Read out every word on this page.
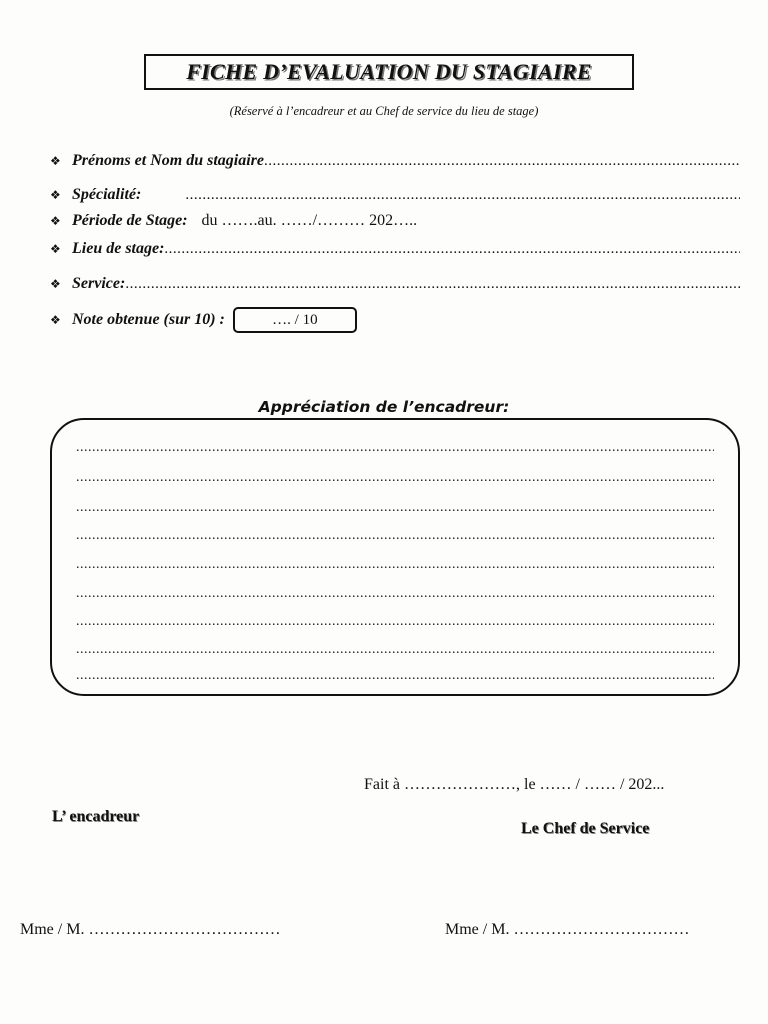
FICHE D’EVALUATION DU STAGIAIRE
(Réservé à l’encadreur et au Chef de service du lieu de stage)
❖ Prénoms et Nom du stagiaire
.....
❖ Spécialité:
.....
❖ Période de Stage: du …….au. ……/……… 202…..
❖ Lieu de stage:
.....
❖ Service:
.....
❖ Note obtenue (sur 10) :	…. / 10
Appréciation de l’encadreur:
.....
.....
.....
.....
.....
.....
.....
.....
.....
Fait à …………………, le …… / …… / 202...
L’ encadreur
Le Chef de Service
Mme / M. ………………………………	Mme / M. ……………………………
